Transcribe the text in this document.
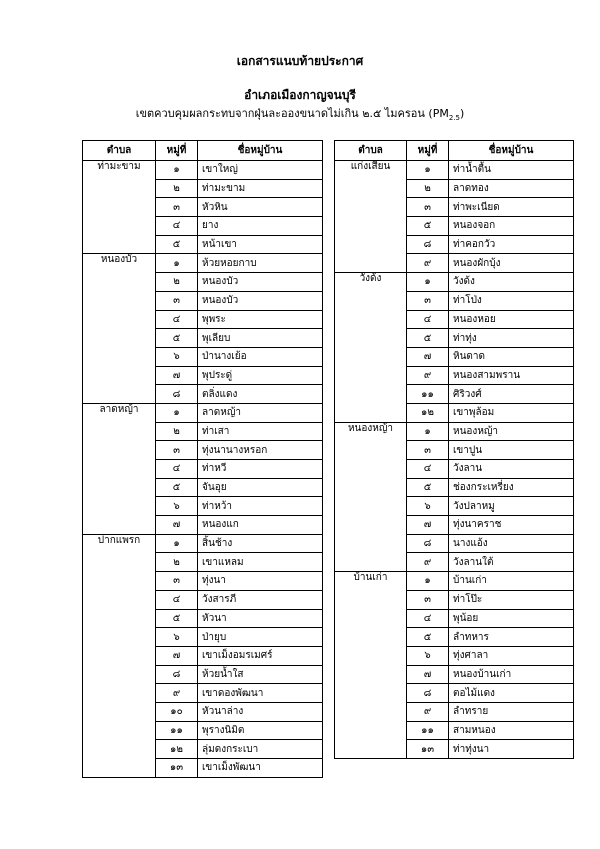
เอกสารแนบท้ายประกาศ
อำเภอเมืองกาญจนบุรี
เขตควบคุมผลกระทบจากฝุ่นละอองขนาดไม่เกิน ๒.๕ ไมครอน $(PM_{2.5})$
ตำบล	หมู่ที่	ชื่อหมู่บ้าน
ท่ามะขาม	๑	เขาใหญ่
	๒	ท่ามะขาม
	๓	หัวหิน
	๔	ยาง
	๕	หน้าเขา
หนองบัว	๑	ห้วยหอยกาบ
	๒	หนองบัว
	๓	หนองบัว
	๔	พุพระ
	๕	พุเลียบ
	๖	ป่านางเย้อ
	๗	พุประดู่
	๘	ตลิ่งแดง
ลาดหญ้า	๑	ลาดหญ้า
	๒	ท่าเสา
	๓	ทุ่งนานางหรอก
	๔	ท่าหวี
	๕	จันอุย
	๖	ท่าหว้า
	๗	หนองแก
ปากแพรก	๑	สิ้นช้าง
	๒	เขาแหลม
	๓	ทุ่งนา
	๔	วังสารภี
	๕	หัวนา
	๖	ป่ายุบ
	๗	เขาเม็งอมรเมศร์
	๘	ห้วยน้ำใส
	๙	เขาดองพัฒนา
	๑๐	หัวนาล่าง
	๑๑	พุรางนิมิต
	๑๒	ลุ่มดงกระเบา
	๑๓	เขาเม็งพัฒนา
ตำบล	หมู่ที่	ชื่อหมู่บ้าน
แก่งเสี้ยน	๑	ท่าน้ำตื้น
	๒	ลาดทอง
	๓	ท่าพะเนียด
	๕	หนองจอก
	๘	ท่าคอกวัว
	๙	หนองผักบุ้ง
วังด้ง	๑	วังด้ง
	๓	ท่าโป่ง
	๔	หนองหอย
	๕	ท่าทุ่ง
	๗	หินดาด
	๙	หนองสามพราน
	๑๑	ศิริวงศ์
	๑๒	เขาพุล้อม
หนองหญ้า	๑	หนองหญ้า
	๓	เขาปูน
	๔	วังลาน
	๕	ช่องกระเหรี่ยง
	๖	วังปลาหมู
	๗	ทุ่งนาคราช
	๘	นางแอ้ง
	๙	วังลานใต้
บ้านเก่า	๑	บ้านเก่า
	๓	ท่าโป๊ะ
	๔	พุน้อย
	๕	ลำทหาร
	๖	ทุ่งศาลา
	๗	หนองบ้านเก่า
	๘	ตอไม้แดง
	๙	ลำทราย
	๑๑	สามหนอง
	๑๓	ท่าทุ่งนา
